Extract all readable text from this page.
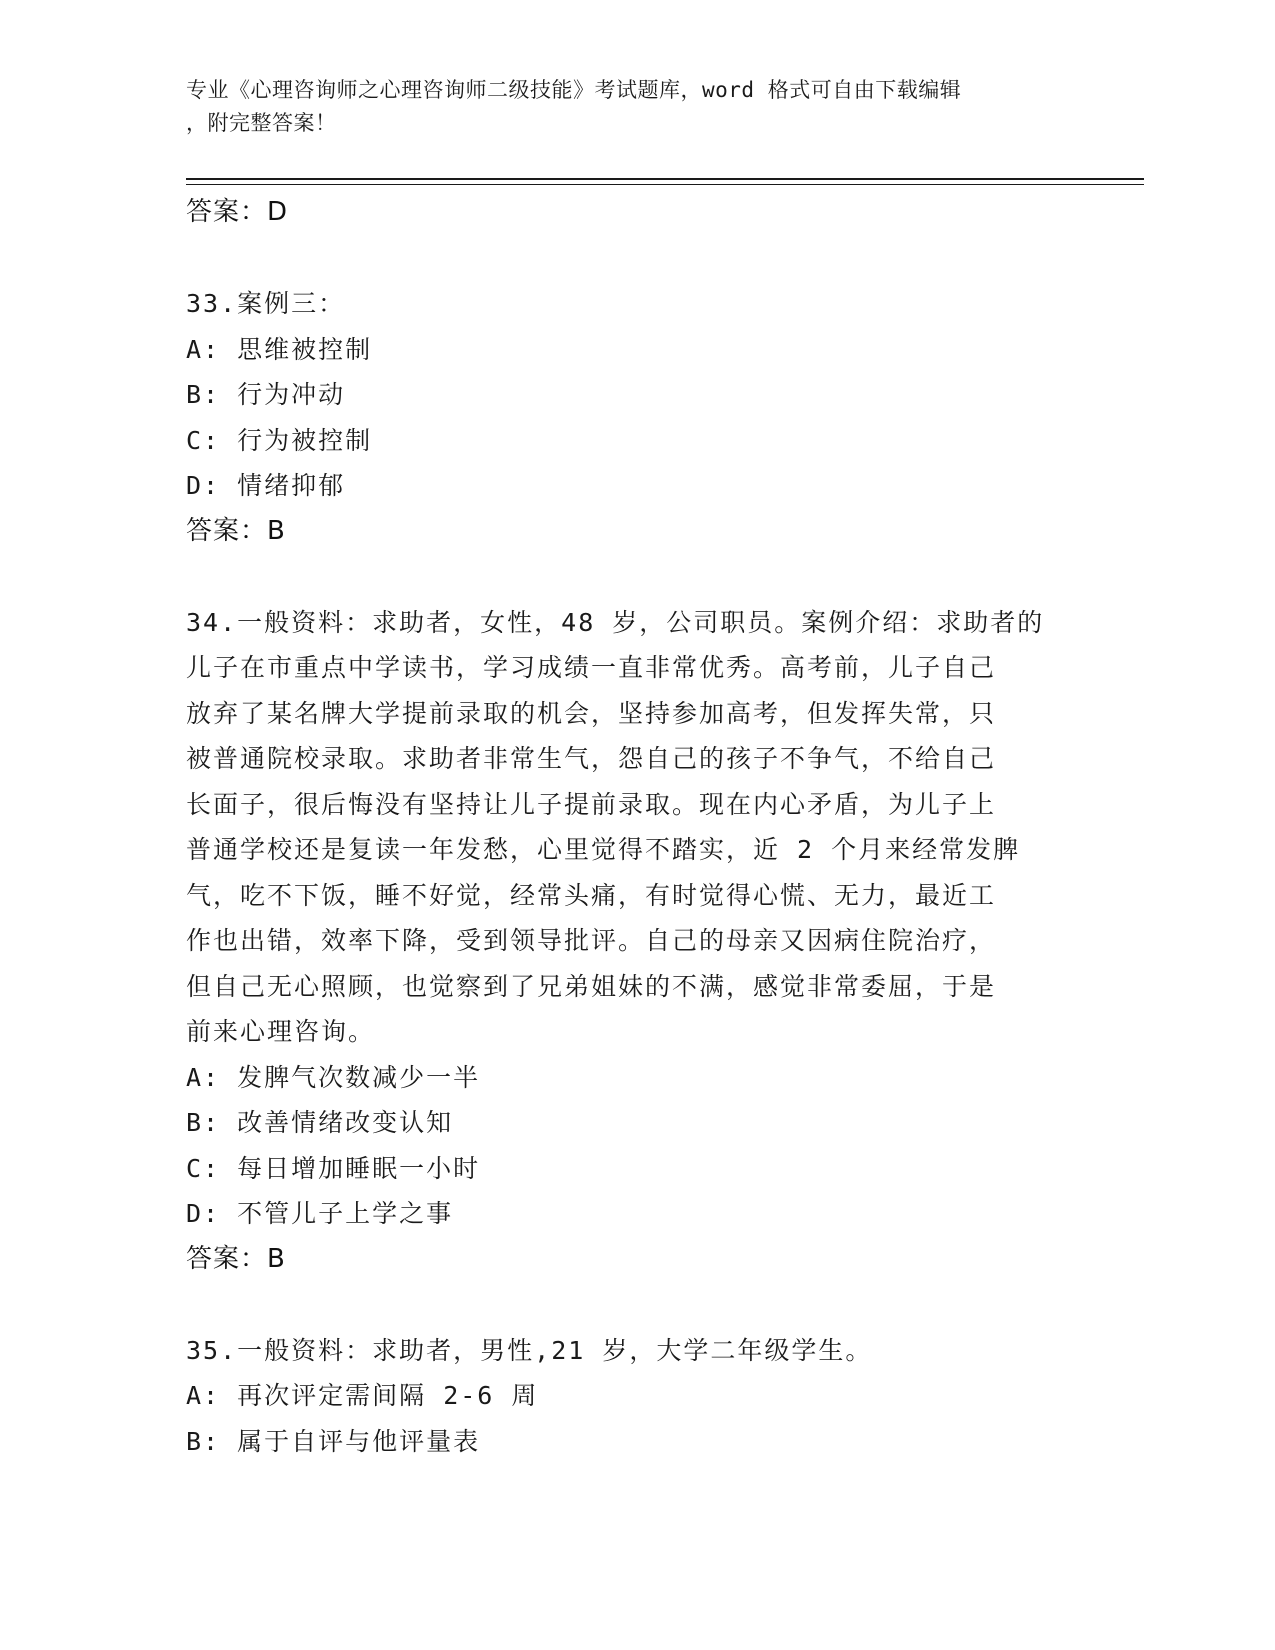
专业《心理咨询师之心理咨询师二级技能》考试题库，word 格式可自由下载编辑
，附完整答案！
答案：D
33.案例三：
A: 思维被控制
B: 行为冲动
C: 行为被控制
D: 情绪抑郁
答案：B
34.一般资料：求助者，女性，48 岁，公司职员。案例介绍：求助者的
儿子在市重点中学读书，学习成绩一直非常优秀。高考前，儿子自己
放弃了某名牌大学提前录取的机会，坚持参加高考，但发挥失常，只
被普通院校录取。求助者非常生气，怨自己的孩子不争气，不给自己
长面子，很后悔没有坚持让儿子提前录取。现在内心矛盾，为儿子上
普通学校还是复读一年发愁，心里觉得不踏实，近 2 个月来经常发脾
气，吃不下饭，睡不好觉，经常头痛，有时觉得心慌、无力，最近工
作也出错，效率下降，受到领导批评。自己的母亲又因病住院治疗，
但自己无心照顾，也觉察到了兄弟姐妹的不满，感觉非常委屈，于是
前来心理咨询。
A: 发脾气次数减少一半
B: 改善情绪改变认知
C: 每日增加睡眠一小时
D: 不管儿子上学之事
答案：B
35.一般资料：求助者，男性,21 岁，大学二年级学生。
A: 再次评定需间隔 2-6 周
B: 属于自评与他评量表
